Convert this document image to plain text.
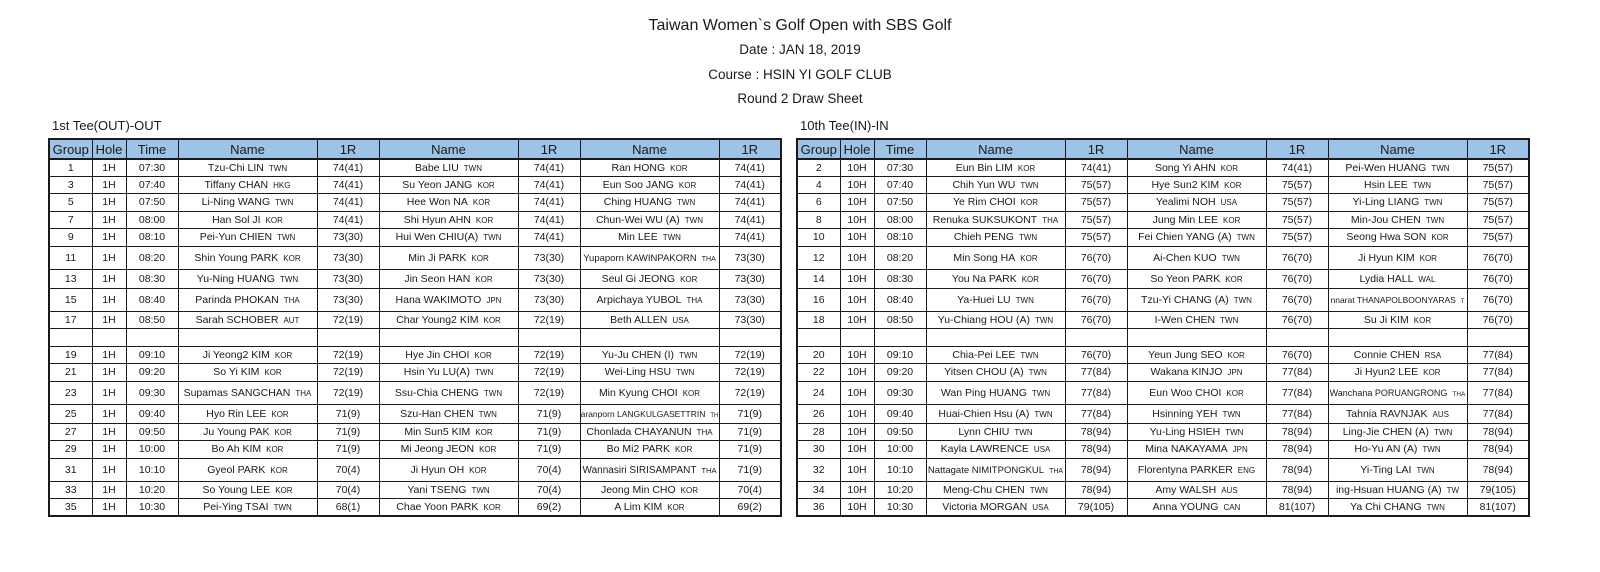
Taiwan Women`s Golf Open with SBS Golf
Date : JAN 18, 2019
Course : HSIN YI GOLF CLUB
Round 2 Draw Sheet
1st Tee(OUT)-OUT	10th Tee(IN)-IN
Group	Hole	Time	Name	1R	Name	1R	Name	1R
1	1H	07:30	Tzu-Chi LIN TWN	74(41)	Babe LIU TWN	74(41)	Ran HONG KOR	74(41)
3	1H	07:40	Tiffany CHAN HKG	74(41)	Su Yeon JANG KOR	74(41)	Eun Soo JANG KOR	74(41)
5	1H	07:50	Li-Ning WANG TWN	74(41)	Hee Won NA KOR	74(41)	Ching HUANG TWN	74(41)
7	1H	08:00	Han Sol JI KOR	74(41)	Shi Hyun AHN KOR	74(41)	Chun-Wei WU (A) TWN	74(41)
9	1H	08:10	Pei-Yun CHIEN TWN	73(30)	Hui Wen CHIU(A) TWN	74(41)	Min LEE TWN	74(41)
11	1H	08:20	Shin Young PARK KOR	73(30)	Min Ji PARK KOR	73(30)	Yupaporn KAWINPAKORN THA	73(30)
13	1H	08:30	Yu-Ning HUANG TWN	73(30)	Jin Seon HAN KOR	73(30)	Seul Gi JEONG KOR	73(30)
15	1H	08:40	Parinda PHOKAN THA	73(30)	Hana WAKIMOTO JPN	73(30)	Arpichaya YUBOL THA	73(30)
17	1H	08:50	Sarah SCHOBER AUT	72(19)	Char Young2 KIM KOR	72(19)	Beth ALLEN USA	73(30)

19	1H	09:10	Ji Yeong2 KIM KOR	72(19)	Hye Jin CHOI KOR	72(19)	Yu-Ju CHEN (I) TWN	72(19)
21	1H	09:20	So Yi KIM KOR	72(19)	Hsin Yu LU(A) TWN	72(19)	Wei-Ling HSU TWN	72(19)
23	1H	09:30	Supamas SANGCHAN THA	72(19)	Ssu-Chia CHENG TWN	72(19)	Min Kyung CHOI KOR	72(19)
25	1H	09:40	Hyo Rin LEE KOR	71(9)	Szu-Han CHEN TWN	71(9)	aranporn LANGKULGASETTRIN TH	71(9)
27	1H	09:50	Ju Young PAK KOR	71(9)	Min Sun5 KIM KOR	71(9)	Chonlada CHAYANUN THA	71(9)
29	1H	10:00	Bo Ah KIM KOR	71(9)	Mi Jeong JEON KOR	71(9)	Bo Mi2 PARK KOR	71(9)
31	1H	10:10	Gyeol PARK KOR	70(4)	Ji Hyun OH KOR	70(4)	Wannasiri SIRISAMPANT THA	71(9)
33	1H	10:20	So Young LEE KOR	70(4)	Yani TSENG TWN	70(4)	Jeong Min CHO KOR	70(4)
35	1H	10:30	Pei-Ying TSAI TWN	68(1)	Chae Yoon PARK KOR	69(2)	A Lim KIM KOR	69(2)
Group	Hole	Time	Name	1R	Name	1R	Name	1R
2	10H	07:30	Eun Bin LIM KOR	74(41)	Song Yi AHN KOR	74(41)	Pei-Wen HUANG TWN	75(57)
4	10H	07:40	Chih Yun WU TWN	75(57)	Hye Sun2 KIM KOR	75(57)	Hsin LEE TWN	75(57)
6	10H	07:50	Ye Rim CHOI KOR	75(57)	Yealimi NOH USA	75(57)	Yi-Ling LIANG TWN	75(57)
8	10H	08:00	Renuka SUKSUKONT THA	75(57)	Jung Min LEE KOR	75(57)	Min-Jou CHEN TWN	75(57)
10	10H	08:10	Chieh PENG TWN	75(57)	Fei Chien YANG (A) TWN	75(57)	Seong Hwa SON KOR	75(57)
12	10H	08:20	Min Song HA KOR	76(70)	Ai-Chen KUO TWN	76(70)	Ji Hyun KIM KOR	76(70)
14	10H	08:30	You Na PARK KOR	76(70)	So Yeon PARK KOR	76(70)	Lydia HALL WAL	76(70)
16	10H	08:40	Ya-Huei LU TWN	76(70)	Tzu-Yi CHANG (A) TWN	76(70)	nnarat THANAPOLBOONYARAS T	76(70)
18	10H	08:50	Yu-Chiang HOU (A) TWN	76(70)	I-Wen CHEN TWN	76(70)	Su Ji KIM KOR	76(70)

20	10H	09:10	Chia-Pei LEE TWN	76(70)	Yeun Jung SEO KOR	76(70)	Connie CHEN RSA	77(84)
22	10H	09:20	Yitsen CHOU (A) TWN	77(84)	Wakana KINJO JPN	77(84)	Ji Hyun2 LEE KOR	77(84)
24	10H	09:30	Wan Ping HUANG TWN	77(84)	Eun Woo CHOI KOR	77(84)	Wanchana PORUANGRONG THA	77(84)
26	10H	09:40	Huai-Chien Hsu (A) TWN	77(84)	Hsinning YEH TWN	77(84)	Tahnia RAVNJAK AUS	77(84)
28	10H	09:50	Lynn CHIU TWN	78(94)	Yu-Ling HSIEH TWN	78(94)	Ling-Jie CHEN (A) TWN	78(94)
30	10H	10:00	Kayla LAWRENCE USA	78(94)	Mina NAKAYAMA JPN	78(94)	Ho-Yu AN (A) TWN	78(94)
32	10H	10:10	Nattagate NIMITPONGKUL THA	78(94)	Florentyna PARKER ENG	78(94)	Yi-Ting LAI TWN	78(94)
34	10H	10:20	Meng-Chu CHEN TWN	78(94)	Amy WALSH AUS	78(94)	ing-Hsuan HUANG (A) TW	79(105)
36	10H	10:30	Victoria MORGAN USA	79(105)	Anna YOUNG CAN	81(107)	Ya Chi CHANG TWN	81(107)
